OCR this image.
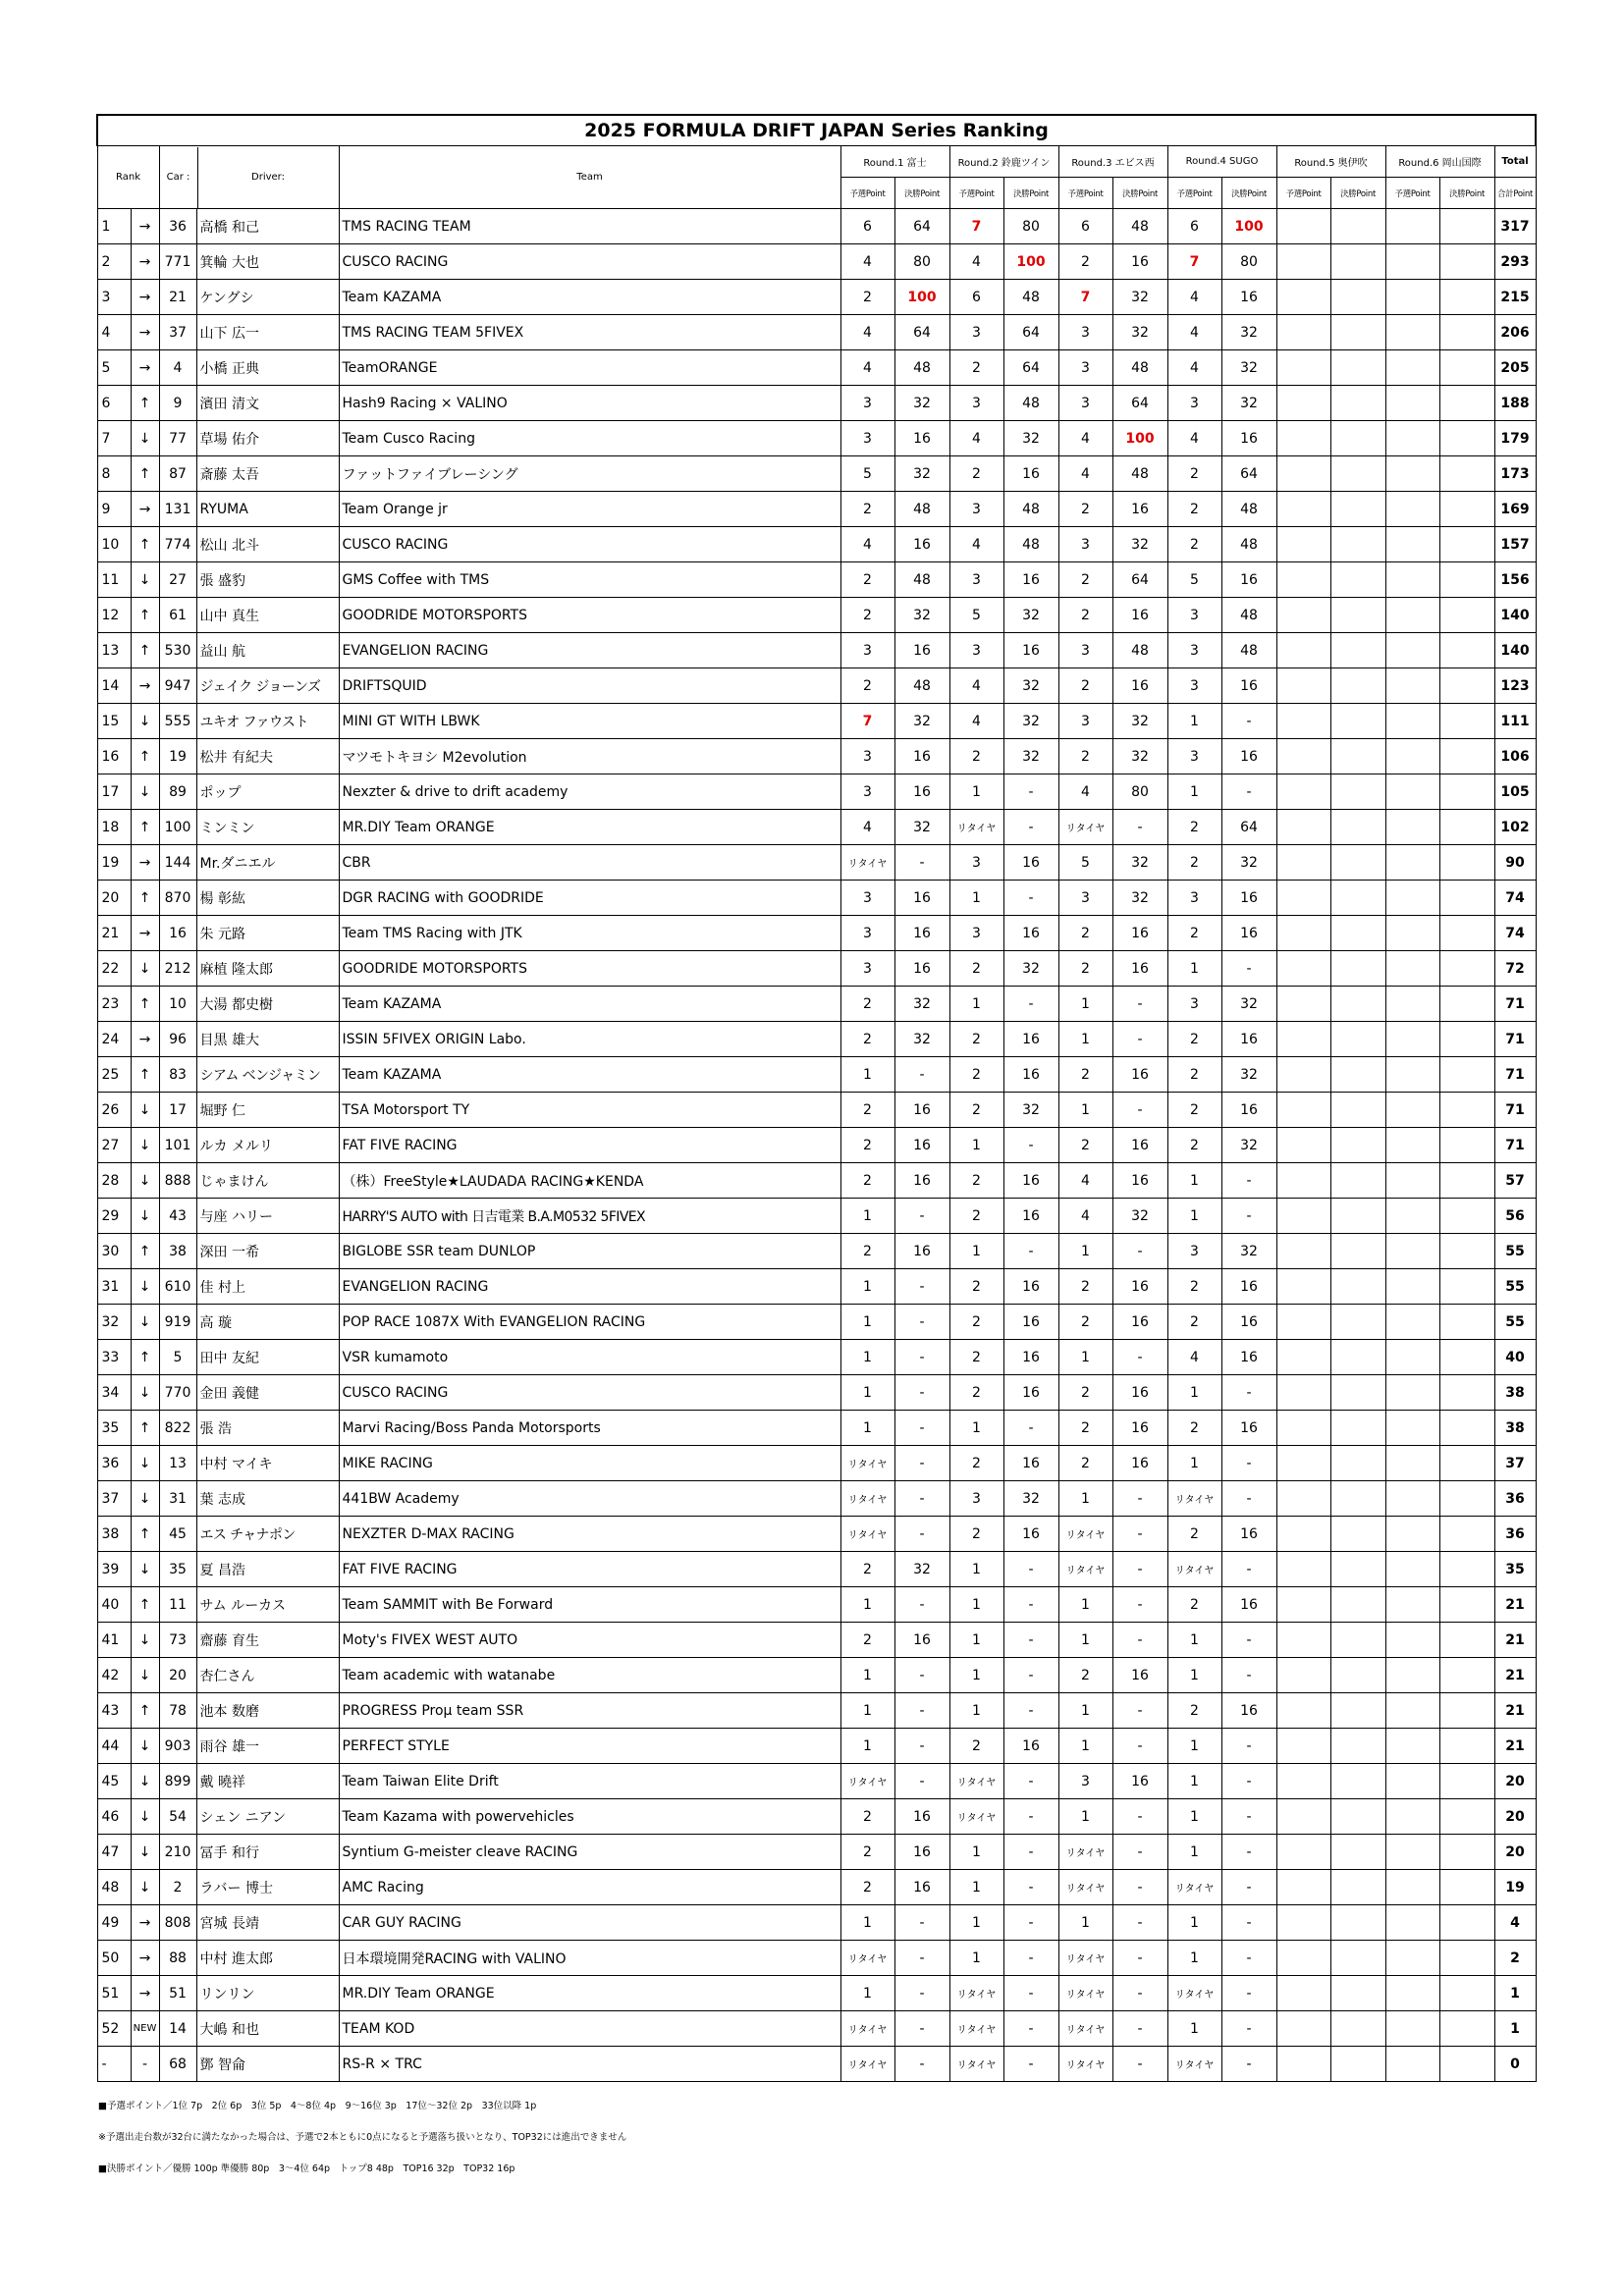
2025 FORMULA DRIFT JAPAN Series Ranking																	
Rank		Car : Driver:		Team	Round.1 富士		Round.2 鈴鹿ツイン		Round.3 エビス西		Round.4 SUGO		Round.5 奥伊吹		Round.6 岡山国際		Total
					予選Point	決勝Point	予選Point	決勝Point	予選Point	決勝Point	予選Point	決勝Point	予選Point	決勝Point	予選Point	決勝Point	合計Point
1	→	36	高橋 和己	TMS RACING TEAM	6	64	7	80	6	48	6	100					317
2	→	771	箕輪 大也	CUSCO RACING	4	80	4	100	2	16	7	80					293
3	→	21	ケングシ	Team KAZAMA	2	100	6	48	7	32	4	16					215
4	→	37	山下 広一	TMS RACING TEAM 5FIVEX	4	64	3	64	3	32	4	32					206
5	→	4	小橋 正典	TeamORANGE	4	48	2	64	3	48	4	32					205
6	↑	9	濱田 清文	Hash9 Racing × VALINO	3	32	3	48	3	64	3	32					188
7	↓	77	草場 佑介	Team Cusco Racing	3	16	4	32	4	100	4	16					179
8	↑	87	斎藤 太吾	ファットファイブレーシング	5	32	2	16	4	48	2	64					173
9	→	131	RYUMA	Team Orange jr	2	48	3	48	2	16	2	48					169
10	↑	774	松山 北斗	CUSCO RACING	4	16	4	48	3	32	2	48					157
11	↓	27	張 盛豹	GMS Coffee with TMS	2	48	3	16	2	64	5	16					156
12	↑	61	山中 真生	GOODRIDE MOTORSPORTS	2	32	5	32	2	16	3	48					140
13	↑	530	益山 航	EVANGELION RACING	3	16	3	16	3	48	3	48					140
14	→	947	ジェイク ジョーンズ	DRIFTSQUID	2	48	4	32	2	16	3	16					123
15	↓	555	ユキオ ファウスト	MINI GT WITH LBWK	7	32	4	32	3	32	1	-					111
16	↑	19	松井 有紀夫	マツモトキヨシ M2evolution	3	16	2	32	2	32	3	16					106
17	↓	89	ポップ	Nexzter & drive to drift academy	3	16	1	-	4	80	1	-					105
18	↑	100	ミンミン	MR.DIY Team ORANGE	4	32	リタイヤ	-	リタイヤ	-	2	64					102
19	→	144	Mr.ダニエル	CBR	リタイヤ	-	3	16	5	32	2	32					90
20	↑	870	楊 彰紘	DGR RACING with GOODRIDE	3	16	1	-	3	32	3	16					74
21	→	16	朱 元路	Team TMS Racing with JTK	3	16	3	16	2	16	2	16					74
22	↓	212	麻植 隆太郎	GOODRIDE MOTORSPORTS	3	16	2	32	2	16	1	-					72
23	↑	10	大湯 都史樹	Team KAZAMA	2	32	1	-	1	-	3	32					71
24	→	96	目黒 雄大	ISSIN 5FIVEX ORIGIN Labo.	2	32	2	16	1	-	2	16					71
25	↑	83	シアム ベンジャミン	Team KAZAMA	1	-	2	16	2	16	2	32					71
26	↓	17	堀野 仁	TSA Motorsport TY	2	16	2	32	1	-	2	16					71
27	↓	101	ルカ メルリ	FAT FIVE RACING	2	16	1	-	2	16	2	32					71
28	↓	888	じゃまけん	（株）FreeStyle★LAUDADA RACING★KENDA	2	16	2	16	4	16	1	-					57
29	↓	43	与座 ハリー	HARRY'S AUTO with 日吉電業 B.A.M0532 5FIVEX	1	-	2	16	4	32	1	-					56
30	↑	38	深田 一希	BIGLOBE SSR team DUNLOP	2	16	1	-	1	-	3	32					55
31	↓	610	佳 村上	EVANGELION RACING	1	-	2	16	2	16	2	16					55
32	↓	919	高 璇	POP RACE 1087X With EVANGELION RACING	1	-	2	16	2	16	2	16					55
33	↑	5	田中 友紀	VSR kumamoto	1	-	2	16	1	-	4	16					40
34	↓	770	金田 義健	CUSCO RACING	1	-	2	16	2	16	1	-					38
35	↑	822	張 浩	Marvi Racing/Boss Panda Motorsports	1	-	1	-	2	16	2	16					38
36	↓	13	中村 マイキ	MIKE RACING	リタイヤ	-	2	16	2	16	1	-					37
37	↓	31	葉 志成	441BW Academy	リタイヤ	-	3	32	1	-	リタイヤ	-					36
38	↑	45	エス チャナポン	NEXZTER D-MAX RACING	リタイヤ	-	2	16	リタイヤ	-	2	16					36
39	↓	35	夏 昌浩	FAT FIVE RACING	2	32	1	-	リタイヤ	-	リタイヤ	-					35
40	↑	11	サム ルーカス	Team SAMMIT with Be Forward	1	-	1	-	1	-	2	16					21
41	↓	73	齋藤 育生	Moty's FIVEX WEST AUTO	2	16	1	-	1	-	1	-					21
42	↓	20	杏仁さん	Team academic with watanabe	1	-	1	-	2	16	1	-					21
43	↑	78	池本 数磨	PROGRESS Proμ team SSR	1	-	1	-	1	-	2	16					21
44	↓	903	雨谷 雄一	PERFECT STYLE	1	-	2	16	1	-	1	-					21
45	↓	899	戴 曉祥	Team Taiwan Elite Drift	リタイヤ	-	リタイヤ	-	3	16	1	-					20
46	↓	54	シェン ニアン	Team Kazama with powervehicles	2	16	リタイヤ	-	1	-	1	-					20
47	↓	210	冨手 和行	Syntium G-meister cleave RACING	2	16	1	-	リタイヤ	-	1	-					20
48	↓	2	ラバー 博士	AMC Racing	2	16	1	-	リタイヤ	-	リタイヤ	-					19
49	→	808	宮城 長靖	CAR GUY RACING	1	-	1	-	1	-	1	-					4
50	→	88	中村 進太郎	日本環境開発RACING with VALINO	リタイヤ	-	1	-	リタイヤ	-	1	-					2
51	→	51	リンリン	MR.DIY Team ORANGE	1	-	リタイヤ	-	リタイヤ	-	リタイヤ	-					1
52	NEW	14	大嶋 和也	TEAM KOD	リタイヤ	-	リタイヤ	-	リタイヤ	-	1	-					1
-	-	68	鄧 智侖	RS-R × TRC	リタイヤ	-	リタイヤ	-	リタイヤ	-	リタイヤ	-					0
■予選ポイント／1位 7p　2位 6p　3位 5p　4〜8位 4p　9〜16位 3p　17位〜32位 2p　33位以降 1p
※予選出走台数が32台に満たなかった場合は、予選で2本ともに0点になると予選落ち扱いとなり、TOP32には進出できません
■決勝ポイント／優勝 100p 準優勝 80p　3〜4位 64p　トップ8 48p　TOP16 32p　TOP32 16p
